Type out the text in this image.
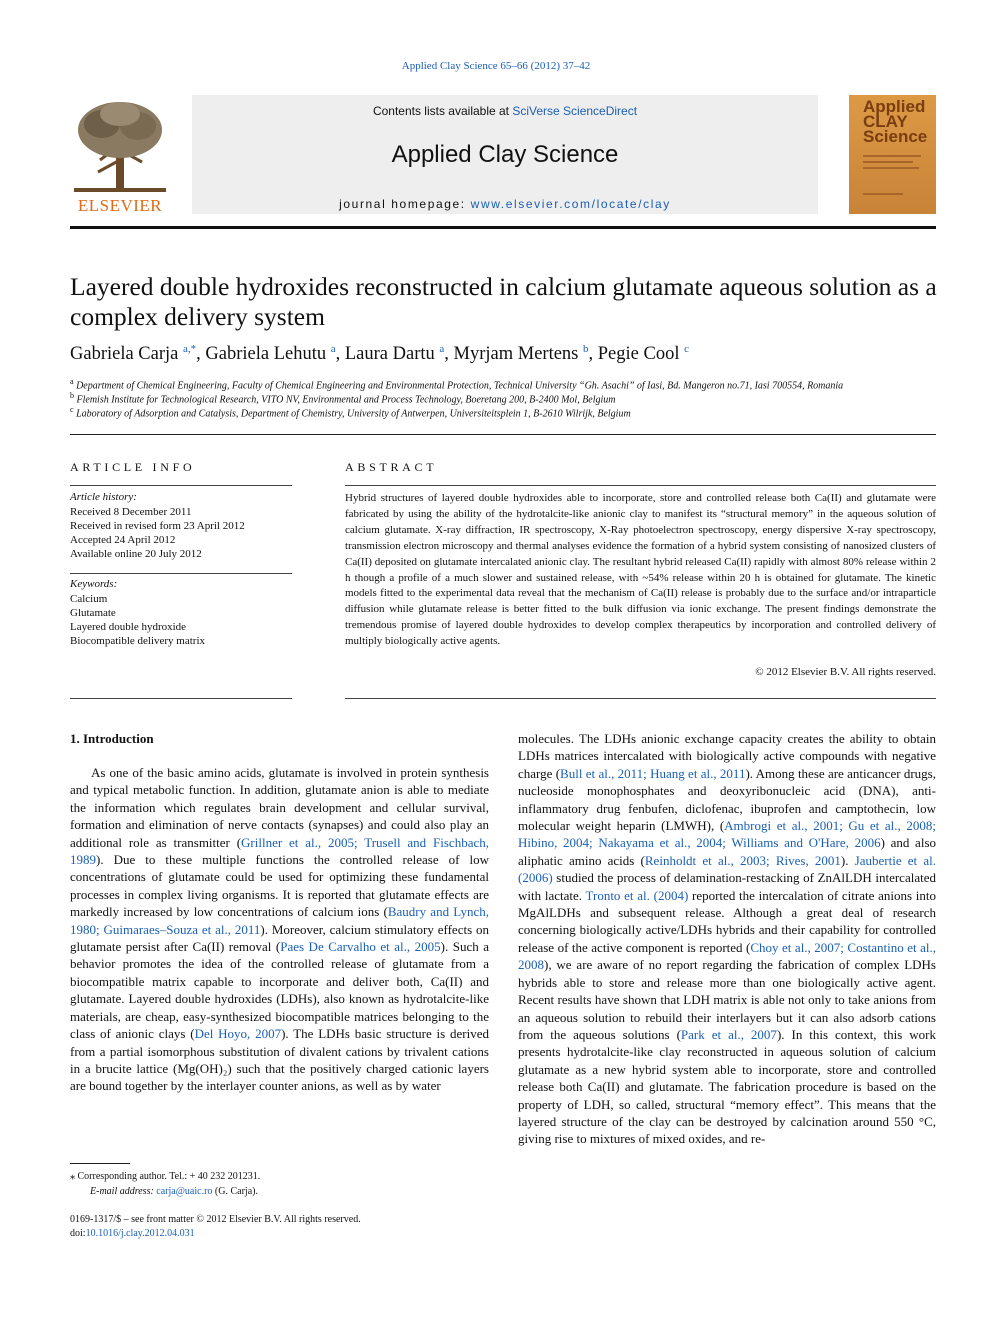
Applied Clay Science 65–66 (2012) 37–42
ELSEVIER
Contents lists available at SciVerse ScienceDirect
Applied Clay Science
journal homepage: www.elsevier.com/locate/clay
Applied
CLAY
Science
Layered double hydroxides reconstructed in calcium glutamate aqueous solution as a complex delivery system
Gabriela Carja $^{a,*}$, Gabriela Lehutu $^a$, Laura Dartu $^a$, Myrjam Mertens $^b$, Pegie Cool $^c$
$^a$ Department of Chemical Engineering, Faculty of Chemical Engineering and Environmental Protection, Technical University “Gh. Asachi” of Iasi, Bd. Mangeron no.71, Iasi 700554, Romania
$^b$ Flemish Institute for Technological Research, VITO NV, Environmental and Process Technology, Boeretang 200, B-2400 Mol, Belgium
$^c$ Laboratory of Adsorption and Catalysis, Department of Chemistry, University of Antwerpen, Universiteitsplein 1, B-2610 Wilrijk, Belgium
ARTICLE INFO
Article history:
Received 8 December 2011
Received in revised form 23 April 2012
Accepted 24 April 2012
Available online 20 July 2012
Keywords:
Calcium
Glutamate
Layered double hydroxide
Biocompatible delivery matrix
ABSTRACT
Hybrid structures of layered double hydroxides able to incorporate, store and controlled release both Ca(II) and glutamate were fabricated by using the ability of the hydrotalcite-like anionic clay to manifest its “structural memory” in the aqueous solution of calcium glutamate. X-ray diffraction, IR spectroscopy, X-Ray photoelectron spectroscopy, energy dispersive X-ray spectroscopy, transmission electron microscopy and thermal analyses evidence the formation of a hybrid system consisting of nanosized clusters of Ca(II) deposited on glutamate intercalated anionic clay. The resultant hybrid released Ca(II) rapidly with almost 80% release within 2 h though a profile of a much slower and sustained release, with ~54% release within 20 h is obtained for glutamate. The kinetic models fitted to the experimental data reveal that the mechanism of Ca(II) release is probably due to the surface and/or intraparticle diffusion while glutamate release is better fitted to the bulk diffusion via ionic exchange. The present findings demonstrate the tremendous promise of layered double hydroxides to develop complex therapeutics by incorporation and controlled delivery of multiply biologically active agents.
© 2012 Elsevier B.V. All rights reserved.
1. Introduction
As one of the basic amino acids, glutamate is involved in protein synthesis and typical metabolic function. In addition, glutamate anion is able to mediate the information which regulates brain development and cellular survival, formation and elimination of nerve contacts (synapses) and could also play an additional role as transmitter (Grillner et al., 2005; Trusell and Fischbach, 1989). Due to these multiple functions the controlled release of low concentrations of glutamate could be used for optimizing these fundamental processes in complex living organisms. It is reported that glutamate effects are markedly increased by low concentrations of calcium ions (Baudry and Lynch, 1980; Guimaraes–Souza et al., 2011). Moreover, calcium stimulatory effects on glutamate persist after Ca(II) removal (Paes De Carvalho et al., 2005). Such a behavior promotes the idea of the controlled release of glutamate from a biocompatible matrix capable to incorporate and deliver both, Ca(II) and glutamate. Layered double hydroxides (LDHs), also known as hydrotalcite-like materials, are cheap, easy-synthesized biocompatible matrices belonging to the class of anionic clays (Del Hoyo, 2007). The LDHs basic structure is derived from a partial isomorphous substitution of divalent cations by trivalent cations in a brucite lattice (Mg(OH)₂) such that the positively charged cationic layers are bound together by the interlayer counter anions, as well as by water
molecules. The LDHs anionic exchange capacity creates the ability to obtain LDHs matrices intercalated with biologically active compounds with negative charge (Bull et al., 2011; Huang et al., 2011). Among these are anticancer drugs, nucleoside monophosphates and deoxyribonucleic acid (DNA), anti-inflammatory drug fenbufen, diclofenac, ibuprofen and camptothecin, low molecular weight heparin (LMWH), (Ambrogi et al., 2001; Gu et al., 2008; Hibino, 2004; Nakayama et al., 2004; Williams and O'Hare, 2006) and also aliphatic amino acids (Reinholdt et al., 2003; Rives, 2001). Jaubertie et al. (2006) studied the process of delamination-restacking of ZnAlLDH intercalated with lactate. Tronto et al. (2004) reported the intercalation of citrate anions into MgAlLDHs and subsequent release. Although a great deal of research concerning biologically active/LDHs hybrids and their capability for controlled release of the active component is reported (Choy et al., 2007; Costantino et al., 2008), we are aware of no report regarding the fabrication of complex LDHs hybrids able to store and release more than one biologically active agent. Recent results have shown that LDH matrix is able not only to take anions from an aqueous solution to rebuild their interlayers but it can also adsorb cations from the aqueous solutions (Park et al., 2007). In this context, this work presents hydrotalcite-like clay reconstructed in aqueous solution of calcium glutamate as a new hybrid system able to incorporate, store and controlled release both Ca(II) and glutamate. The fabrication procedure is based on the property of LDH, so called, structural “memory effect”. This means that the layered structure of the clay can be destroyed by calcination around 550 °C, giving rise to mixtures of mixed oxides, and re-
⁎ Corresponding author. Tel.: + 40 232 201231.
E-mail address: carja@uaic.ro (G. Carja).
0169-1317/$ – see front matter © 2012 Elsevier B.V. All rights reserved.
doi:10.1016/j.clay.2012.04.031
